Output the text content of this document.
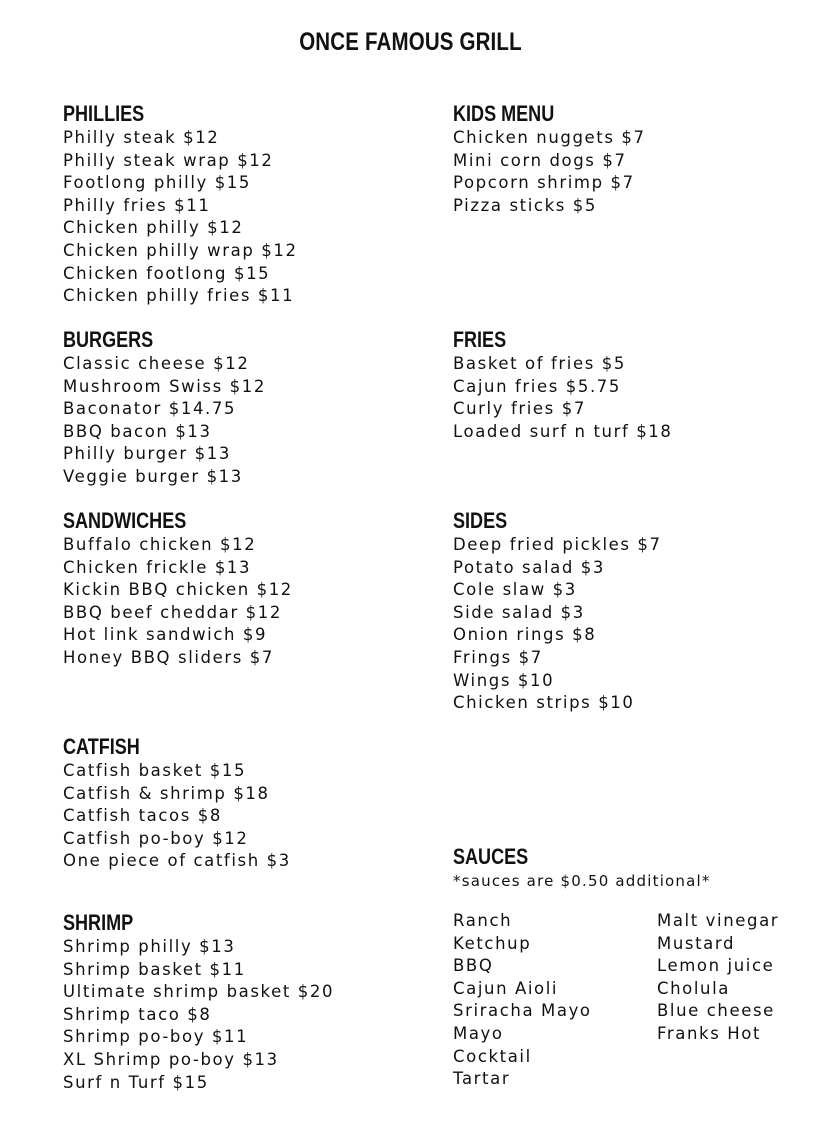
ONCE FAMOUS GRILL
PHILLIES
Philly steak $12
Philly steak wrap $12
Footlong philly $15
Philly fries $11
Chicken philly $12
Chicken philly wrap $12
Chicken footlong $15
Chicken philly fries $11
BURGERS
Classic cheese $12
Mushroom Swiss $12
Baconator $14.75
BBQ bacon $13
Philly burger $13
Veggie burger $13
SANDWICHES
Buffalo chicken $12
Chicken frickle $13
Kickin BBQ chicken $12
BBQ beef cheddar $12
Hot link sandwich $9
Honey BBQ sliders $7
CATFISH
Catfish basket $15
Catfish & shrimp $18
Catfish tacos $8
Catfish po-boy $12
One piece of catfish $3
SHRIMP
Shrimp philly $13
Shrimp basket $11
Ultimate shrimp basket $20
Shrimp taco $8
Shrimp po-boy $11
XL Shrimp po-boy $13
Surf n Turf $15
KIDS MENU
Chicken nuggets $7
Mini corn dogs $7
Popcorn shrimp $7
Pizza sticks $5
FRIES
Basket of fries $5
Cajun fries $5.75
Curly fries $7
Loaded surf n turf $18
SIDES
Deep fried pickles $7
Potato salad $3
Cole slaw $3
Side salad $3
Onion rings $8
Frings $7
Wings $10
Chicken strips $10
SAUCES
*sauces are $0.50 additional*
Ranch
Ketchup
BBQ
Cajun Aioli
Sriracha Mayo
Mayo
Cocktail
Tartar
Malt vinegar
Mustard
Lemon juice
Cholula
Blue cheese
Franks Hot
